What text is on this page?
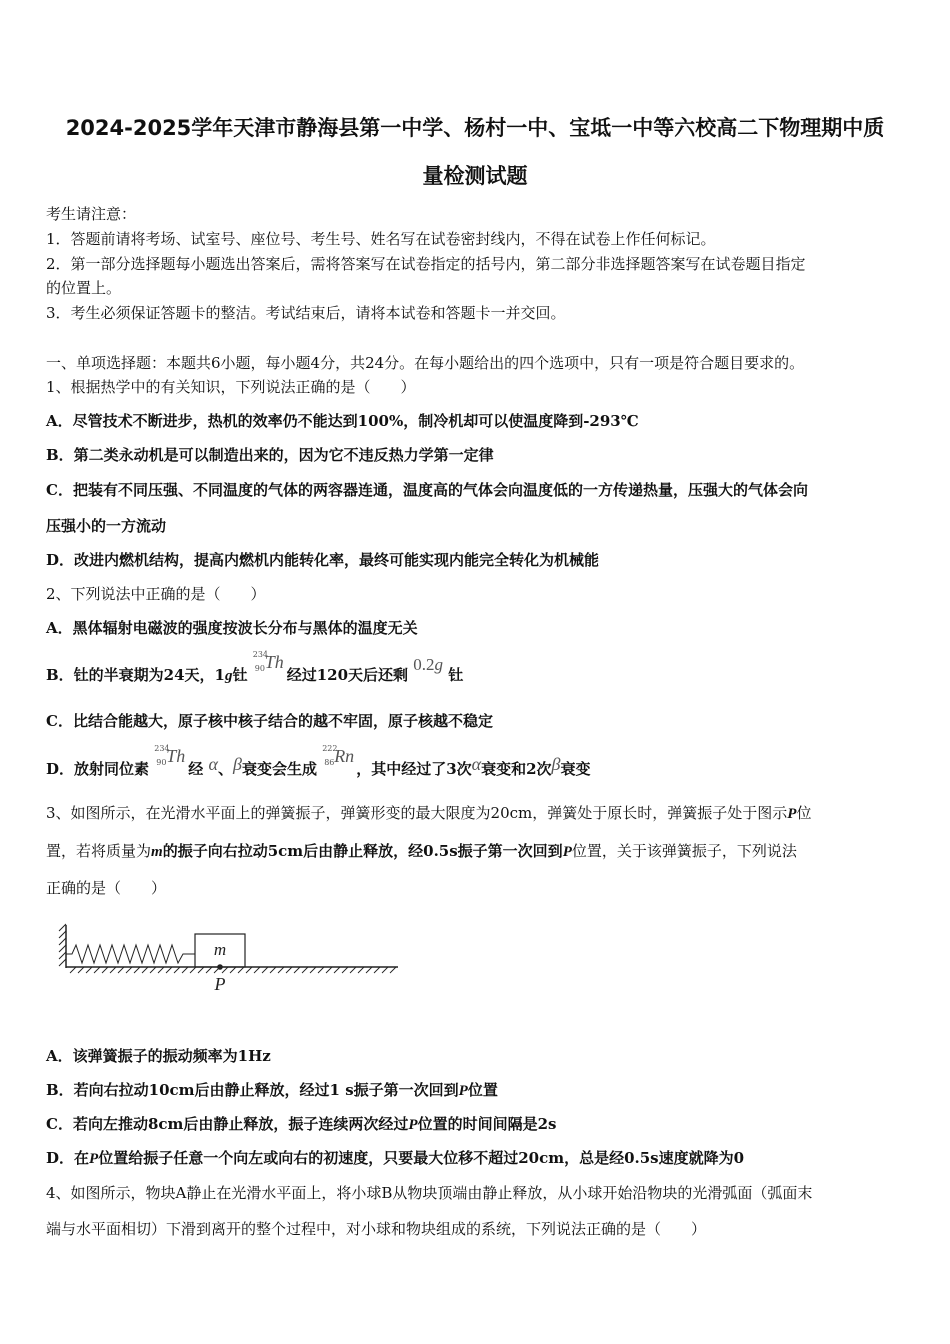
2024-2025学年天津市静海县第一中学、杨村一中、宝坻一中等六校高二下物理期中质
量检测试题
考生请注意：
1．答题前请将考场、试室号、座位号、考生号、姓名写在试卷密封线内，不得在试卷上作任何标记。
2．第一部分选择题每小题选出答案后，需将答案写在试卷指定的括号内，第二部分非选择题答案写在试卷题目指定
的位置上。
3．考生必须保证答题卡的整洁。考试结束后，请将本试卷和答题卡一并交回。
一、单项选择题：本题共6小题，每小题4分，共24分。在每小题给出的四个选项中，只有一项是符合题目要求的。
1、根据热学中的有关知识，下列说法正确的是（　　）
A．尽管技术不断进步，热机的效率仍不能达到100%，制冷机却可以使温度降到-293℃
B．第二类永动机是可以制造出来的，因为它不违反热力学第一定律
C．把装有不同压强、不同温度的气体的两容器连通，温度高的气体会向温度低的一方传递热量，压强大的气体会向
压强小的一方流动
D．改进内燃机结构，提高内燃机内能转化率，最终可能实现内能完全转化为机械能
2、下列说法中正确的是（　　）
A．黑体辐射电磁波的强度按波长分布与黑体的温度无关
B．钍的半衰期为24天，1g钍
234
90 Th
经过120天后还剩 0.2g 钍
C．比结合能越大，原子核中核子结合的越不牢固，原子核越不稳定
D．放射同位素
234
90 Th
经 α、β衰变会生成
222
86 Rn
，其中经过了3次α衰变和2次β衰变
3、如图所示，在光滑水平面上的弹簧振子，弹簧形变的最大限度为20cm，弹簧处于原长时，弹簧振子处于图示P位
置，若将质量为m的振子向右拉动5cm后由静止释放，经0.5s振子第一次回到P位置，关于该弹簧振子，下列说法
正确的是（　　）
m
P
A．该弹簧振子的振动频率为1Hz
B．若向右拉动10cm后由静止释放，经过1 s振子第一次回到P位置
C．若向左推动8cm后由静止释放，振子连续两次经过P位置的时间间隔是2s
D．在P位置给振子任意一个向左或向右的初速度，只要最大位移不超过20cm，总是经0.5s速度就降为0
4、如图所示，物块A静止在光滑水平面上，将小球B从物块顶端由静止释放，从小球开始沿物块的光滑弧面（弧面末
端与水平面相切）下滑到离开的整个过程中，对小球和物块组成的系统，下列说法正确的是（　　）
